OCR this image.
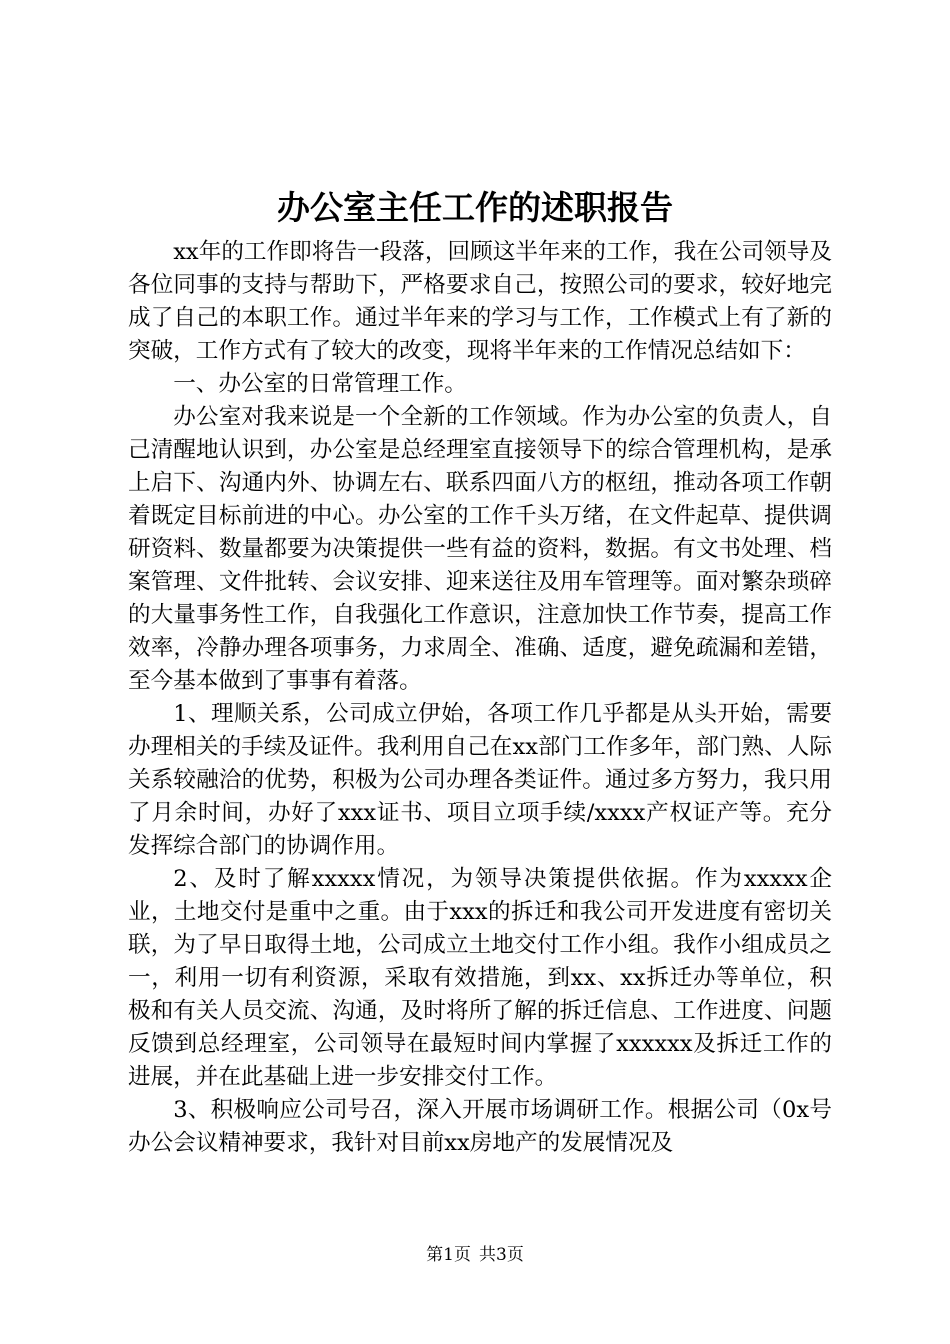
办公室主任工作的述职报告

xx年的工作即将告一段落，回顾这半年来的工作，我在公司领导及各位同事的支持与帮助下，严格要求自己，按照公司的要求，较好地完成了自己的本职工作。通过半年来的学习与工作，工作模式上有了新的突破，工作方式有了较大的改变，现将半年来的工作情况总结如下：

一、办公室的日常管理工作。

办公室对我来说是一个全新的工作领域。作为办公室的负责人，自己清醒地认识到，办公室是总经理室直接领导下的综合管理机构，是承上启下、沟通内外、协调左右、联系四面八方的枢纽，推动各项工作朝着既定目标前进的中心。办公室的工作千头万绪，在文件起草、提供调研资料、数量都要为决策提供一些有益的资料，数据。有文书处理、档案管理、文件批转、会议安排、迎来送往及用车管理等。面对繁杂琐碎的大量事务性工作，自我强化工作意识，注意加快工作节奏，提高工作效率，冷静办理各项事务，力求周全、准确、适度，避免疏漏和差错，至今基本做到了事事有着落。

1、理顺关系，公司成立伊始，各项工作几乎都是从头开始，需要办理相关的手续及证件。我利用自己在xx部门工作多年，部门熟、人际关系较融洽的优势，积极为公司办理各类证件。通过多方努力，我只用了月余时间，办好了xxx证书、项目立项手续/xxxx产权证产等。充分发挥综合部门的协调作用。

2、及时了解xxxxx情况，为领导决策提供依据。作为xxxxx企业，土地交付是重中之重。由于xxx的拆迁和我公司开发进度有密切关联，为了早日取得土地，公司成立土地交付工作小组。我作小组成员之一，利用一切有利资源，采取有效措施，到xx、xx拆迁办等单位，积极和有关人员交流、沟通，及时将所了解的拆迁信息、工作进度、问题反馈到总经理室，公司领导在最短时间内掌握了xxxxxx及拆迁工作的进展，并在此基础上进一步安排交付工作。

3、积极响应公司号召，深入开展市场调研工作。根据公司（0x号办公会议精神要求，我针对目前xx房地产的发展情况及

第1页 共3页
